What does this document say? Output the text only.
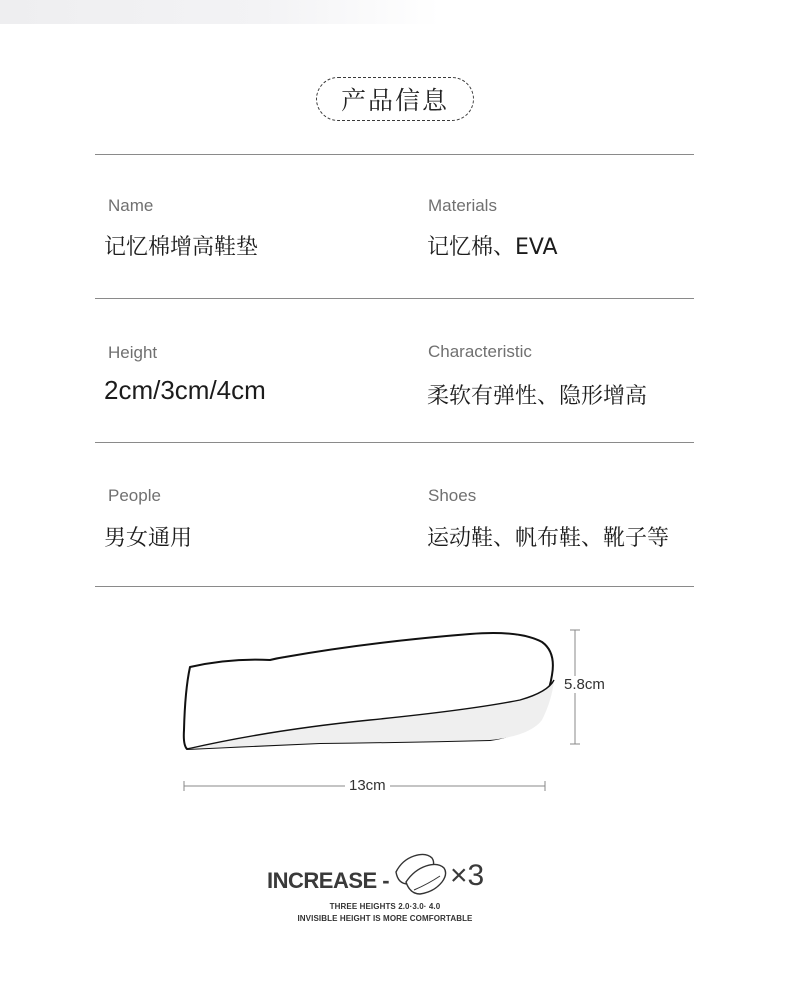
产品信息
Name
记忆棉增高鞋垫
Materials
记忆棉、EVA
Height
2cm/3cm/4cm
Characteristic
柔软有弹性、隐形增高
People
男女通用
Shoes
运动鞋、帆布鞋、靴子等
5.8cm
13cm
INCREASE - ×3
THREE HEIGHTS 2.0·3.0· 4.0
INVISIBLE HEIGHT IS MORE COMFORTABLE
